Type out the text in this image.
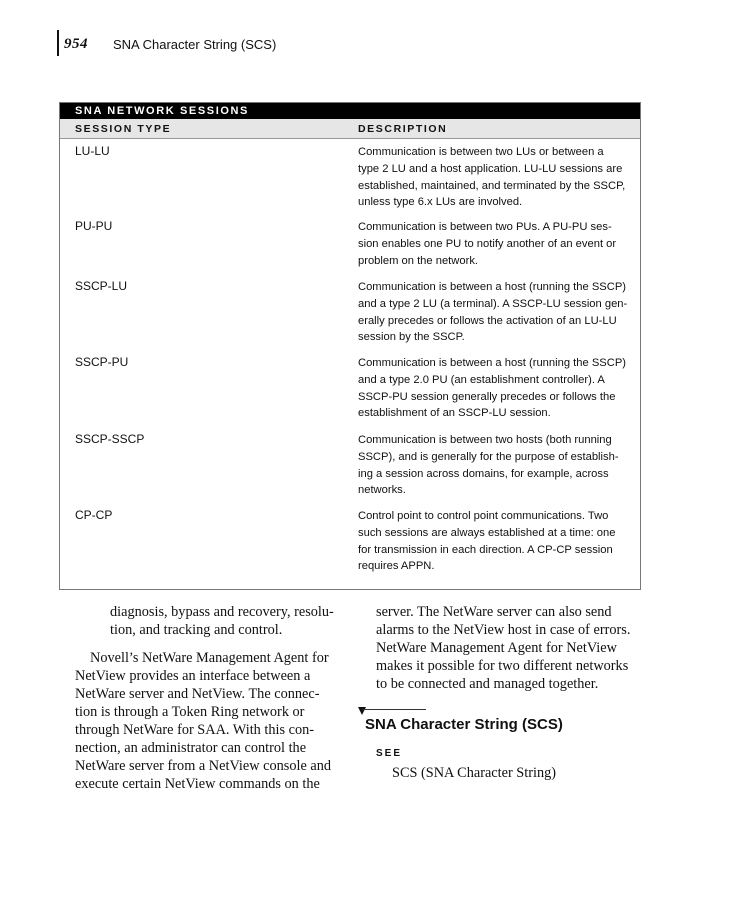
954 SNA Character String (SCS)
SNA NETWORK SESSIONS
SESSION TYPE	DESCRIPTION
LU-LU	Communication is between two LUs or between a
type 2 LU and a host application. LU-LU sessions are
established, maintained, and terminated by the SSCP,
unless type 6.x LUs are involved.
PU-PU	Communication is between two PUs. A PU-PU ses-
sion enables one PU to notify another of an event or
problem on the network.
SSCP-LU	Communication is between a host (running the SSCP)
and a type 2 LU (a terminal). A SSCP-LU session gen-
erally precedes or follows the activation of an LU-LU
session by the SSCP.
SSCP-PU	Communication is between a host (running the SSCP)
and a type 2.0 PU (an establishment controller). A
SSCP-PU session generally precedes or follows the
establishment of an SSCP-LU session.
SSCP-SSCP	Communication is between two hosts (both running
SSCP), and is generally for the purpose of establish-
ing a session across domains, for example, across
networks.
CP-CP	Control point to control point communications. Two
such sessions are always established at a time: one
for transmission in each direction. A CP-CP session
requires APPN.

diagnosis, bypass and recovery, resolu-
tion, and tracking and control.

Novell’s NetWare Management Agent for
NetView provides an interface between a
NetWare server and NetView. The connec-
tion is through a Token Ring network or
through NetWare for SAA. With this con-
nection, an administrator can control the
NetWare server from a NetView console and
execute certain NetView commands on the

server. The NetWare server can also send
alarms to the NetView host in case of errors.
NetWare Management Agent for NetView
makes it possible for two different networks
to be connected and managed together.

SNA Character String (SCS)
SEE
SCS (SNA Character String)
